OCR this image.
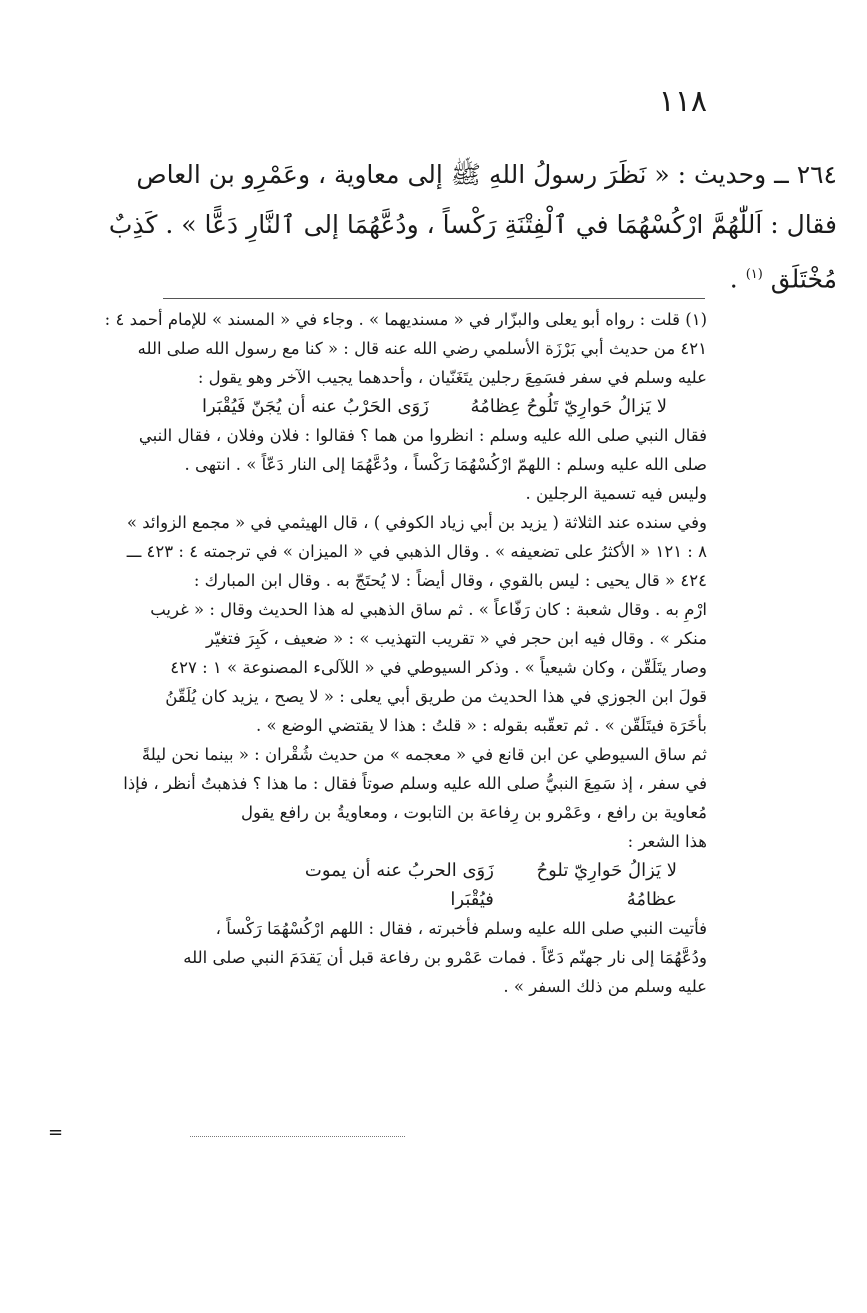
١١٨
٢٦٤ ــ وحديث : « نَظَرَ رسولُ اللهِ ﷺ إلى معاوية ، وعَمْرِو بن العاص
فقال : اَللّٰهُمَّ ارْكُسْهُمَا في ٱلْفِتْنَةِ رَكْساً ، ودُعَّهُمَا إلى ٱلنَّارِ دَعًّا » . كَذِبٌ
مُخْتَلَق $^{(١)}$ .
(١) قلت : رواه أبو يعلى والبزّار في « مسنديهما » . وجاء في « المسند » للإمام أحمد ٤ :
٤٢١ من حديث أبي بَرْزَة الأسلمي رضي الله عنه قال : « كنا مع رسول الله صلى الله
عليه وسلم في سفر فسَمِعَ رجلين يتَغَنّيان ، وأحدهما يجيب الآخر وهو يقول :
لا يَزالُ حَوارِيّ تَلُوحُ عِظامُهُ
زَوَى الحَرْبُ عنه أن يُجَنّ فَيُقْبَرا
فقال النبي صلى الله عليه وسلم : انظروا من هما ؟ فقالوا : فلان وفلان ، فقال النبي
صلى الله عليه وسلم : اللهمّ ارْكُسْهُمَا رَكْساً ، ودُعَّهُمَا إلى النار دَعّاً » . انتهى .
وليس فيه تسمية الرجلين .
وفي سنده عند الثلاثة ( يزيد بن أبي زياد الكوفي ) ، قال الهيثمي في « مجمع الزوائد »
٨ : ١٢١ « الأكثرُ على تضعيفه » . وقال الذهبي في « الميزان » في ترجمته ٤ : ٤٢٣ ـــ
٤٢٤ « قال يحيى : ليس بالقوي ، وقال أيضاً : لا يُحتَجّ به . وقال ابن المبارك :
ارْمِ به . وقال شعبة : كان رَفّاعاً » . ثم ساق الذهبي له هذا الحديث وقال : « غريب
منكر » . وقال فيه ابن حجر في « تقريب التهذيب » : « ضعيف ، كَبِرَ فتغيّر
وصار يتَلَقّن ، وكان شيعياً » . وذكر السيوطي في « اللآلىء المصنوعة » ١ : ٤٢٧
قولَ ابن الجوزي في هذا الحديث من طريق أبي يعلى : « لا يصح ، يزيد كان يُلَقّنُ
بأخَرَة فيتَلَقّن » . ثم تعقّبه بقوله : « قلتُ : هذا لا يقتضي الوضع » .
ثم ساق السيوطي عن ابن قانع في « معجمه » من حديث شُقْران : « بينما نحن ليلةً
في سفر ، إذ سَمِعَ النبيُّ صلى الله عليه وسلم صوتاً فقال : ما هذا ؟ فذهبتُ أنظر ، فإذا
مُعاوية بن رافع ، وعَمْرو بن رِفاعة بن التابوت ، ومعاويةُ بن رافع يقول
هذا الشعر :
لا يَزالُ حَوارِيّ تلوحُ عظامُهُ
زَوَى الحربُ عنه أن يموت فيُقْبَرا
فأتيت النبي صلى الله عليه وسلم فأخبرته ، فقال : اللهم ارْكُسْهُمَا رَكْساً ،
ودُعَّهُمَا إلى نار جهنّم دَعّاً . فمات عَمْرو بن رفاعة قبل أن يَقدَمَ النبي صلى الله
عليه وسلم من ذلك السفر » .
=
